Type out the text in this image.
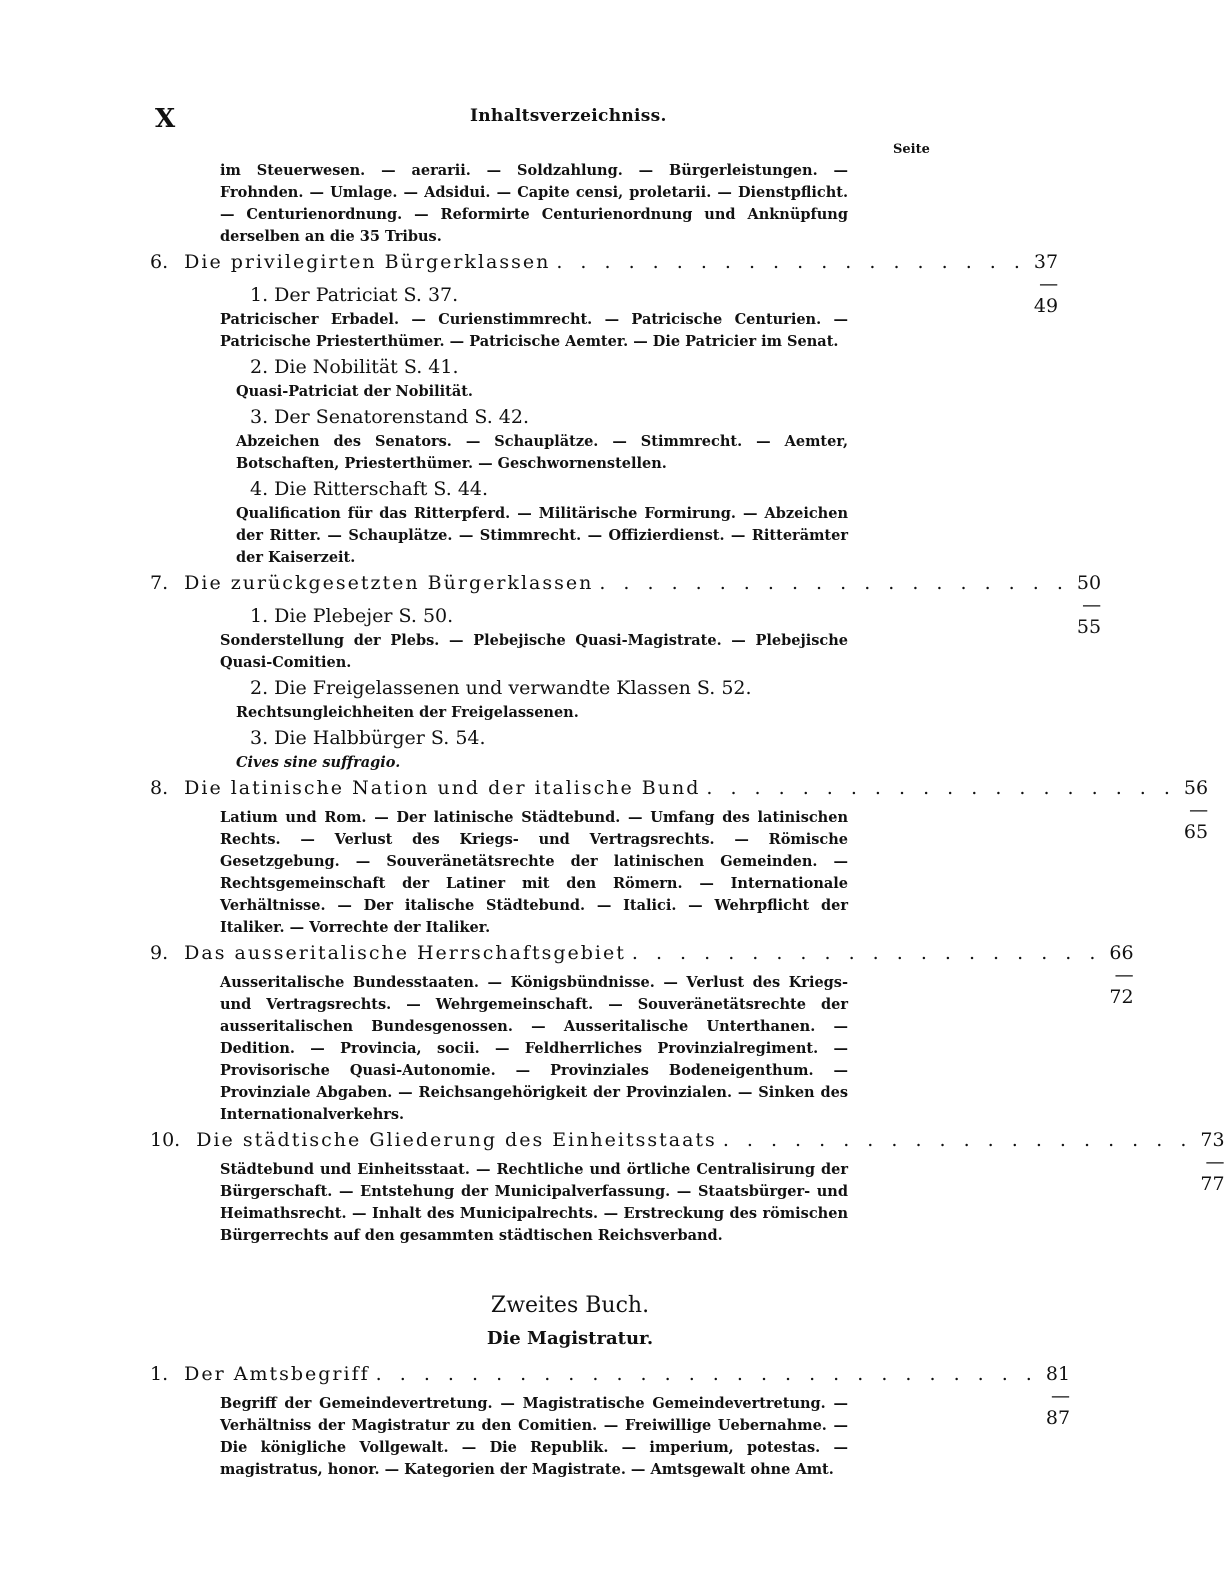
X	Inhaltsverzeichniss.
Seite
im Steuerwesen. — aerarii. — Soldzahlung. — Bürgerleistungen. — Frohnden. — Umlage. — Adsidui. — Capite censi, proletarii. — Dienstpflicht. — Centurienordnung. — Reformirte Centurienordnung und Anknüpfung derselben an die 35 Tribus.
6. Die privilegirten Bürgerklassen . . . . . . . . . . . . . . . . . . . . 37—49
1. Der Patriciat S. 37.
Patricischer Erbadel. — Curienstimmrecht. — Patricische Centurien. — Patricische Priesterthümer. — Patricische Aemter. — Die Patricier im Senat.
2. Die Nobilität S. 41.
Quasi-Patriciat der Nobilität.
3. Der Senatorenstand S. 42.
Abzeichen des Senators. — Schauplätze. — Stimmrecht. — Aemter, Botschaften, Priesterthümer. — Geschwornenstellen.
4. Die Ritterschaft S. 44.
Qualification für das Ritterpferd. — Militärische Formirung. — Abzeichen der Ritter. — Schauplätze. — Stimmrecht. — Offizierdienst. — Ritterämter der Kaiserzeit.
7. Die zurückgesetzten Bürgerklassen . . . . . . . . . . . . . . . . . . . . 50—55
1. Die Plebejer S. 50.
Sonderstellung der Plebs. — Plebejische Quasi-Magistrate. — Plebejische Quasi-Comitien.
2. Die Freigelassenen und verwandte Klassen S. 52.
Rechtsungleichheiten der Freigelassenen.
3. Die Halbbürger S. 54.
Cives sine suffragio.
8. Die latinische Nation und der italische Bund . . . . . . . . . . . . . . . . . . . . 56—65
Latium und Rom. — Der latinische Städtebund. — Umfang des latinischen Rechts. — Verlust des Kriegs- und Vertragsrechts. — Römische Gesetzgebung. — Souveränetätsrechte der latinischen Gemeinden. — Rechtsgemeinschaft der Latiner mit den Römern. — Internationale Verhältnisse. — Der italische Städtebund. — Italici. — Wehrpflicht der Italiker. — Vorrechte der Italiker.
9. Das ausseritalische Herrschaftsgebiet . . . . . . . . . . . . . . . . . . . . 66—72
Ausseritalische Bundesstaaten. — Königsbündnisse. — Verlust des Kriegs- und Vertragsrechts. — Wehrgemeinschaft. — Souveränetätsrechte der ausseritalischen Bundesgenossen. — Ausseritalische Unterthanen. — Dedition. — Provincia, socii. — Feldherrliches Provinzialregiment. — Provisorische Quasi-Autonomie. — Provinziales Bodeneigenthum. — Provinziale Abgaben. — Reichsangehörigkeit der Provinzialen. — Sinken des Internationalverkehrs.
10. Die städtische Gliederung des Einheitsstaats . . . . . . . . . . . . . . . . . . . . 73—77
Städtebund und Einheitsstaat. — Rechtliche und örtliche Centralisirung der Bürgerschaft. — Entstehung der Municipalverfassung. — Staatsbürger- und Heimathsrecht. — Inhalt des Municipalrechts. — Erstreckung des römischen Bürgerrechts auf den gesammten städtischen Reichsverband.
Zweites Buch.
Die Magistratur.
1. Der Amtsbegriff . . . . . . . . . . . . . . . . . . . . . . . . . . . . 81—87
Begriff der Gemeindevertretung. — Magistratische Gemeindevertretung. — Verhältniss der Magistratur zu den Comitien. — Freiwillige Uebernahme. — Die königliche Vollgewalt. — Die Republik. — imperium, potestas. — magistratus, honor. — Kategorien der Magistrate. — Amtsgewalt ohne Amt.
